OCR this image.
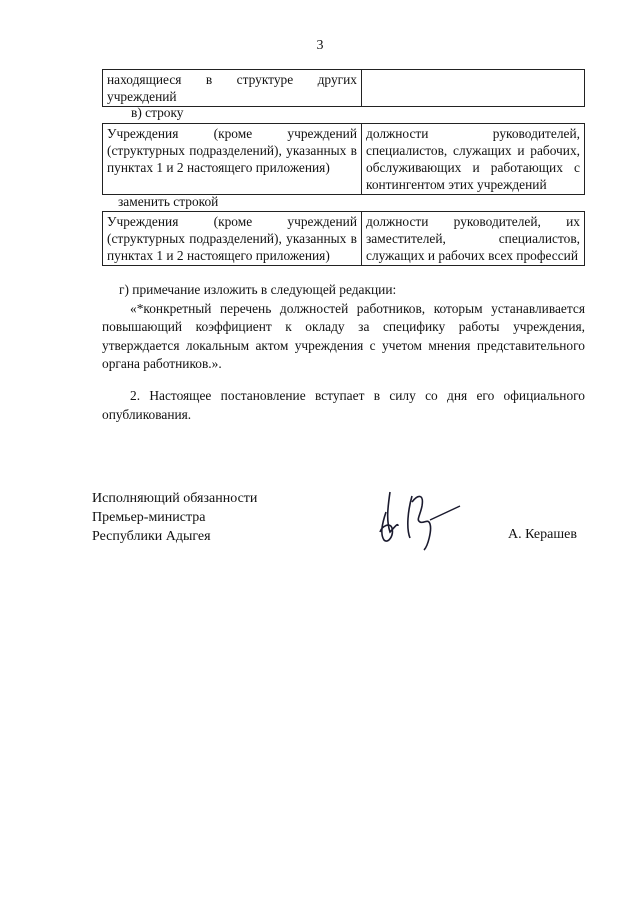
3
находящиеся в структуре других учреждений	
в) строку
Учреждения (кроме учреждений (структурных подразделений), указанных в пунктах 1 и 2 настоящего приложения)	должности руководителей, специалистов, служащих и рабочих, обслуживающих и работающих с контингентом этих учреждений
заменить строкой
Учреждения (кроме учреждений (структурных подразделений), указанных в пунктах 1 и 2 настоящего приложения)	должности руководителей, их заместителей, специалистов, служащих и рабочих всех профессий

г) примечание изложить в следующей редакции:

«*конкретный перечень должностей работников, которым устанавливается повышающий коэффициент к окладу за специфику работы учреждения, утверждается локальным актом учреждения с учетом мнения представительного органа работников.».

2. Настоящее постановление вступает в силу со дня его официального опубликования.

Исполняющий обязанности
Премьер-министра
Республики Адыгея	А. Керашев
